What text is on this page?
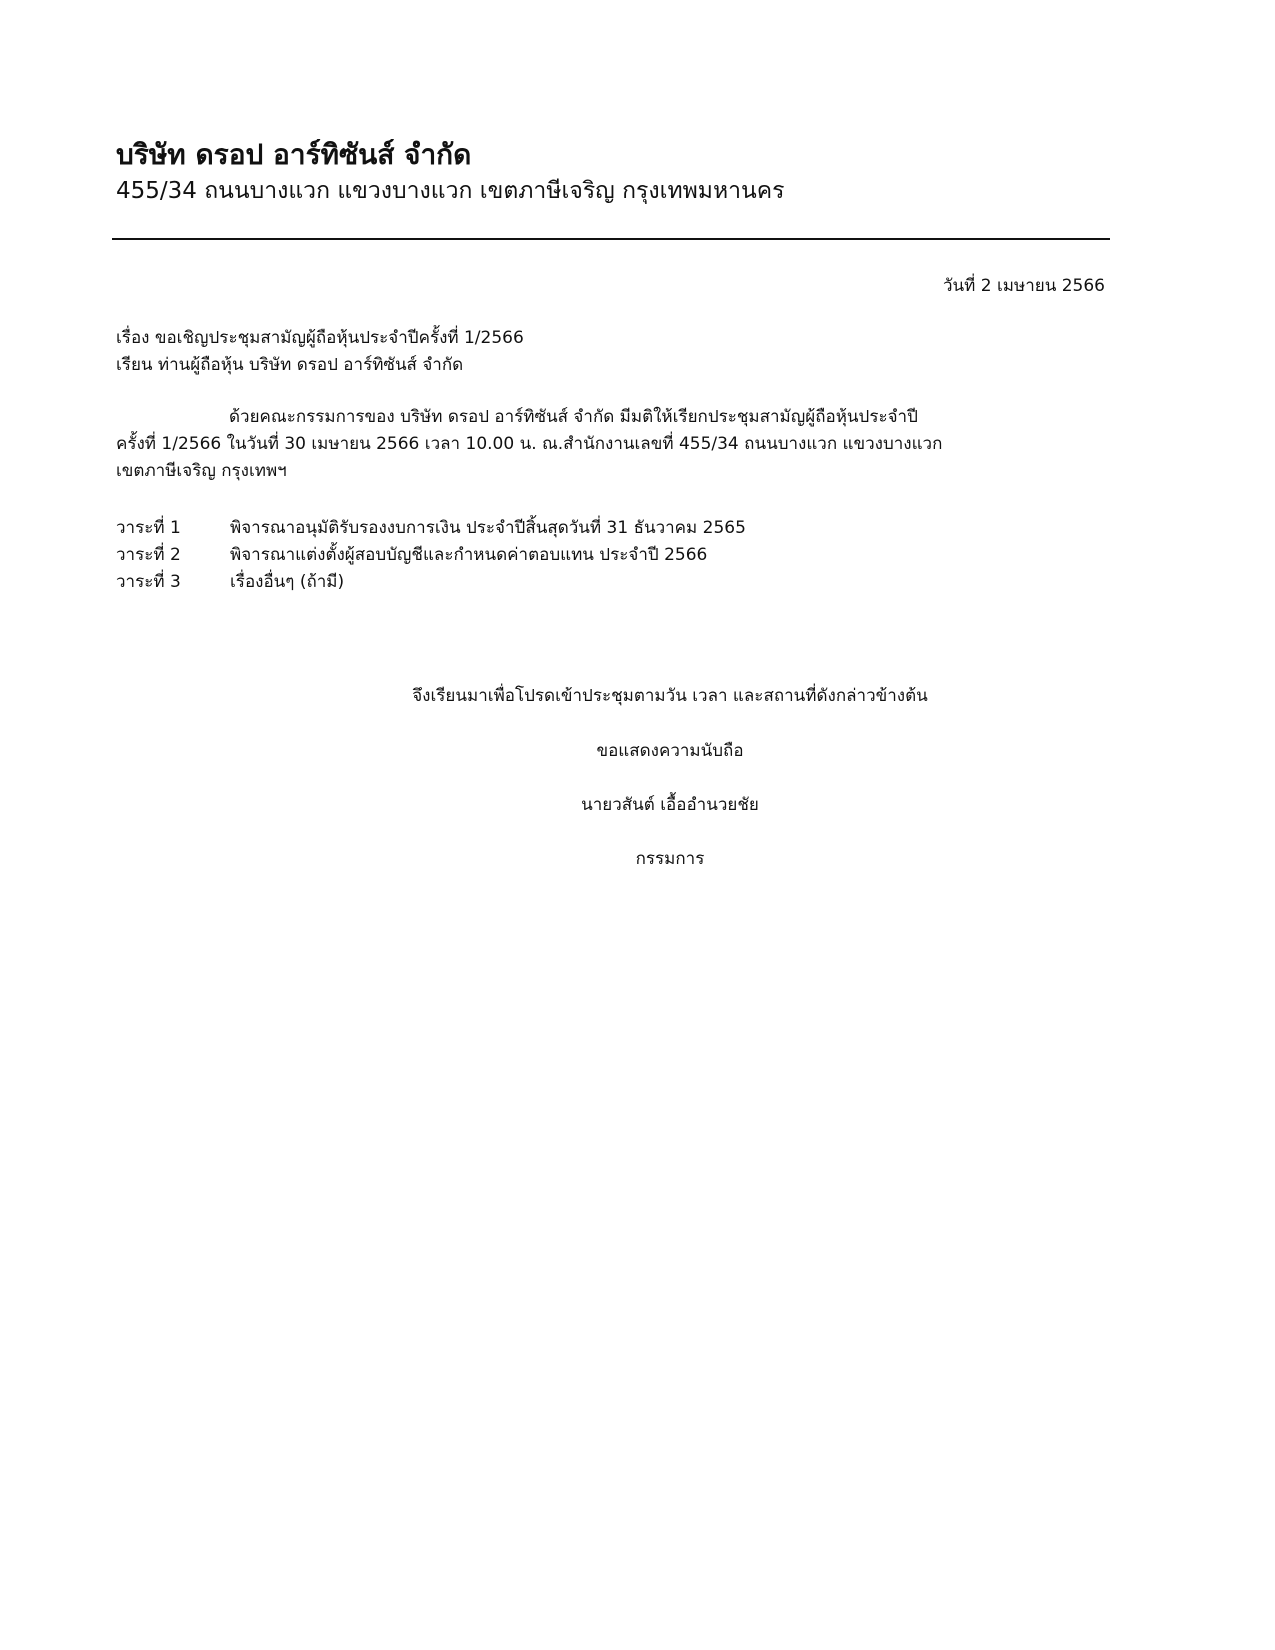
บริษัท ดรอป อาร์ทิซันส์ จำกัด
455/34 ถนนบางแวก แขวงบางแวก เขตภาษีเจริญ กรุงเทพมหานคร
วันที่ 2 เมษายน 2566
เรื่อง ขอเชิญประชุมสามัญผู้ถือหุ้นประจำปีครั้งที่ 1/2566
เรียน ท่านผู้ถือหุ้น บริษัท ดรอป อาร์ทิซันส์ จำกัด
ด้วยคณะกรรมการของ บริษัท ดรอป อาร์ทิซันส์ จำกัด มีมติให้เรียกประชุมสามัญผู้ถือหุ้นประจำปี
ครั้งที่ 1/2566 ในวันที่ 30 เมษายน 2566 เวลา 10.00 น. ณ.สำนักงานเลขที่ 455/34 ถนนบางแวก แขวงบางแวก
เขตภาษีเจริญ กรุงเทพฯ
วาระที่ 1	พิจารณาอนุมัติรับรองงบการเงิน ประจำปีสิ้นสุดวันที่ 31 ธันวาคม 2565
วาระที่ 2	พิจารณาแต่งตั้งผู้สอบบัญชีและกำหนดค่าตอบแทน ประจำปี 2566
วาระที่ 3	เรื่องอื่นๆ (ถ้ามี)
จึงเรียนมาเพื่อโปรดเข้าประชุมตามวัน เวลา และสถานที่ดังกล่าวข้างต้น
ขอแสดงความนับถือ
นายวสันต์ เอื้ออำนวยชัย
กรรมการ
